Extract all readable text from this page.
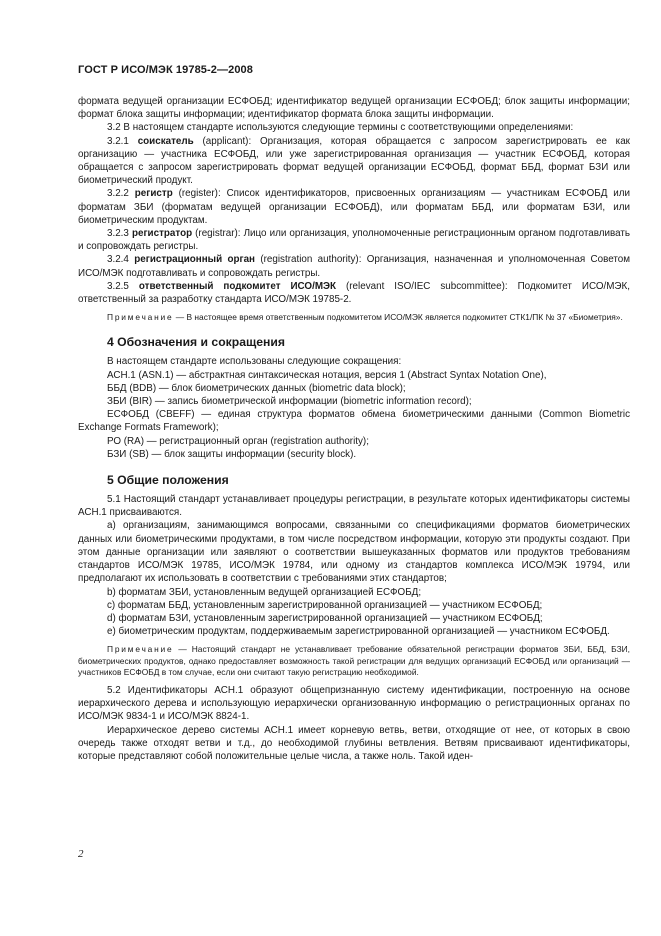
ГОСТ Р ИСО/МЭК 19785-2—2008

формата ведущей организации ЕСФОБД; идентификатор ведущей организации ЕСФОБД; блок защиты информации; формат блока защиты информации; идентификатор формата блока защиты информации.

3.2 В настоящем стандарте используются следующие термины с соответствующими определениями:

3.2.1 соискатель (applicant): Организация, которая обращается с запросом зарегистрировать ее как организацию — участника ЕСФОБД, или уже зарегистрированная организация — участник ЕСФОБД, которая обращается с запросом зарегистрировать формат ведущей организации ЕСФОБД, формат ББД, формат БЗИ или биометрический продукт.

3.2.2 регистр (register): Список идентификаторов, присвоенных организациям — участникам ЕСФОБД или форматам ЗБИ (форматам ведущей организации ЕСФОБД), или форматам ББД, или форматам БЗИ, или биометрическим продуктам.

3.2.3 регистратор (registrar): Лицо или организация, уполномоченные регистрационным органом подготавливать и сопровождать регистры.

3.2.4 регистрационный орган (registration authority): Организация, назначенная и уполномоченная Советом ИСО/МЭК подготавливать и сопровождать регистры.

3.2.5 ответственный подкомитет ИСО/МЭК (relevant ISO/IEC subcommittee): Подкомитет ИСО/МЭК, ответственный за разработку стандарта ИСО/МЭК 19785-2.

Примечание — В настоящее время ответственным подкомитетом ИСО/МЭК является подкомитет СТК1/ПК № 37 «Биометрия».

4 Обозначения и сокращения

В настоящем стандарте использованы следующие сокращения:

АСН.1 (ASN.1) — абстрактная синтаксическая нотация, версия 1 (Abstract Syntax Notation One),

ББД (BDB) — блок биометрических данных (biometric data block);

ЗБИ (BIR) — запись биометрической информации (biometric information record);

ЕСФОБД (CBEFF) — единая структура форматов обмена биометрическими данными (Common Biometric Exchange Formats Framework);

РО (RA) — регистрационный орган (registration authority);

БЗИ (SB) — блок защиты информации (security block).

5 Общие положения

5.1 Настоящий стандарт устанавливает процедуры регистрации, в результате которых идентификаторы системы АСН.1 присваиваются.

а) организациям, занимающимся вопросами, связанными со спецификациями форматов биометрических данных или биометрическими продуктами, в том числе посредством информации, которую эти продукты создают. При этом данные организации или заявляют о соответствии вышеуказанных форматов или продуктов требованиям стандартов ИСО/МЭК 19785, ИСО/МЭК 19784, или одному из стандартов комплекса ИСО/МЭК 19794, или предполагают их использовать в соответствии с требованиями этих стандартов;

b) форматам ЗБИ, установленным ведущей организацией ЕСФОБД;

c) форматам ББД, установленным зарегистрированной организацией — участником ЕСФОБД;

d) форматам БЗИ, установленным зарегистрированной организацией — участником ЕСФОБД;

e) биометрическим продуктам, поддерживаемым зарегистрированной организацией — участником ЕСФОБД.

Примечание — Настоящий стандарт не устанавливает требование обязательной регистрации форматов ЗБИ, ББД, БЗИ, биометрических продуктов, однако предоставляет возможность такой регистрации для ведущих организаций ЕСФОБД или организаций — участников ЕСФОБД в том случае, если они считают такую регистрацию необходимой.

5.2 Идентификаторы АСН.1 образуют общепризнанную систему идентификации, построенную на основе иерархического дерева и использующую иерархически организованную информацию о регистрационных органах по ИСО/МЭК 9834-1 и ИСО/МЭК 8824-1.

Иерархическое дерево системы АСН.1 имеет корневую ветвь, ветви, отходящие от нее, от которых в свою очередь также отходят ветви и т.д., до необходимой глубины ветвления. Ветвям присваивают идентификаторы, которые представляют собой положительные целые числа, а также ноль. Такой иден-

2
